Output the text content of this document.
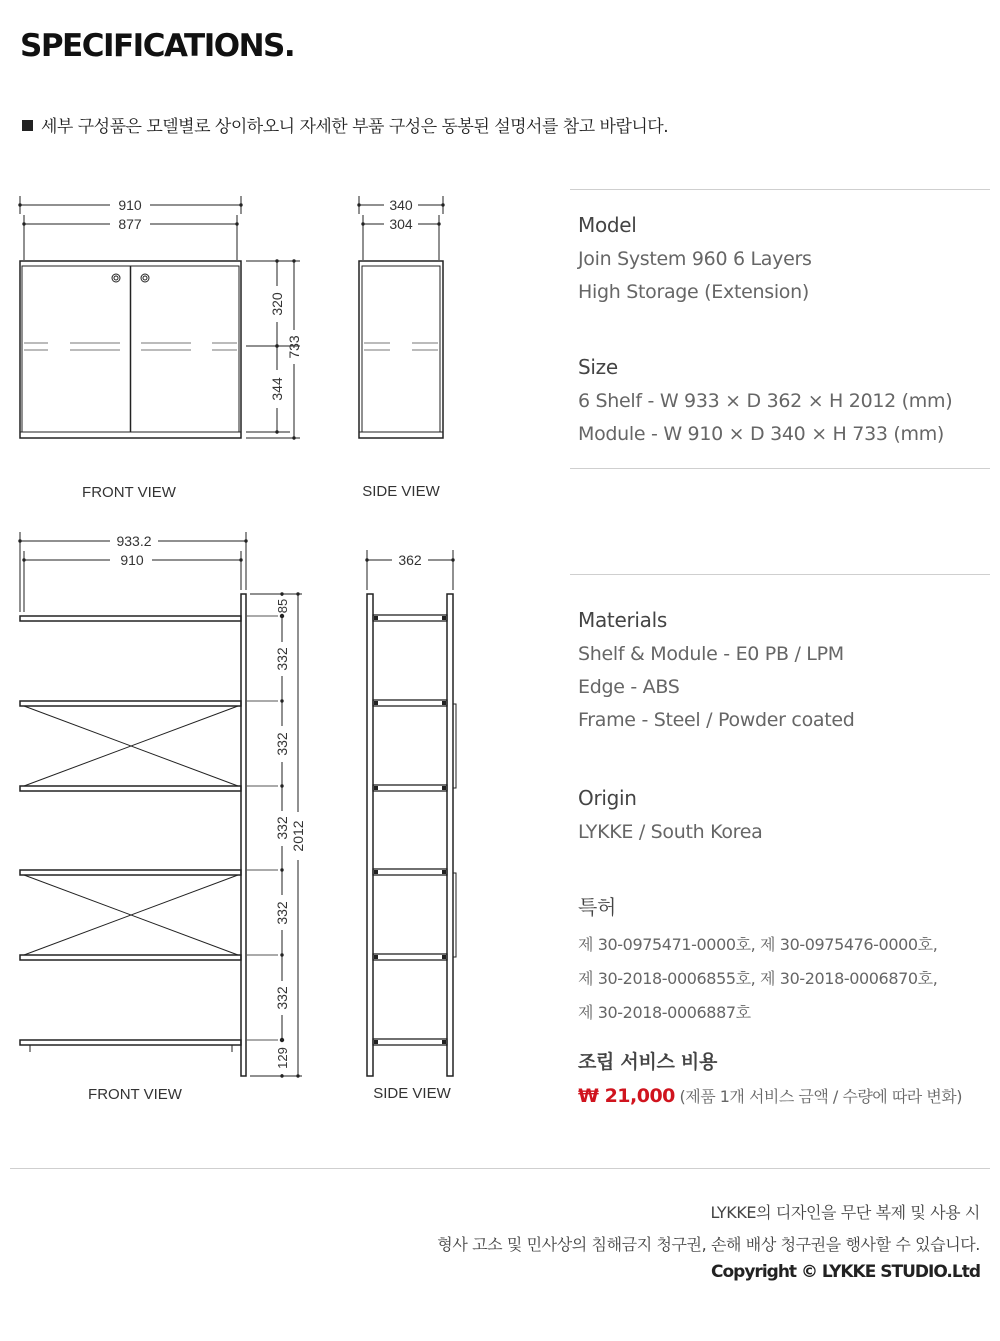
SPECIFICATIONS.
세부 구성품은 모델별로 상이하오니 자세한 부품 구성은 동봉된 설명서를 참고 바랍니다.
910
877
320
344
733
340
304
FRONT VIEW	SIDE VIEW
933.2
910
85
332
332
332
332
332
129
2012
362
FRONT VIEW	SIDE VIEW

Model

Join System 960 6 Layers

High Storage (Extension)

Size

6 Shelf - W 933 × D 362 × H 2012 (mm)

Module - W 910 × D 340 × H 733 (mm)

Materials

Shelf & Module - E0 PB / LPM

Edge - ABS

Frame - Steel / Powder coated

Origin

LYKKE / South Korea

특허

제 30-0975471-0000호, 제 30-0975476-0000호,

제 30-2018-0006855호, 제 30-2018-0006870호,

제 30-2018-0006887호

조립 서비스 비용

₩ 21,000 (제품 1개 서비스 금액 / 수량에 따라 변화)

LYKKE의 디자인을 무단 복제 및 사용 시
형사 고소 및 민사상의 침해금지 청구권, 손해 배상 청구권을 행사할 수 있습니다.
Copyright © LYKKE STUDIO.Ltd
